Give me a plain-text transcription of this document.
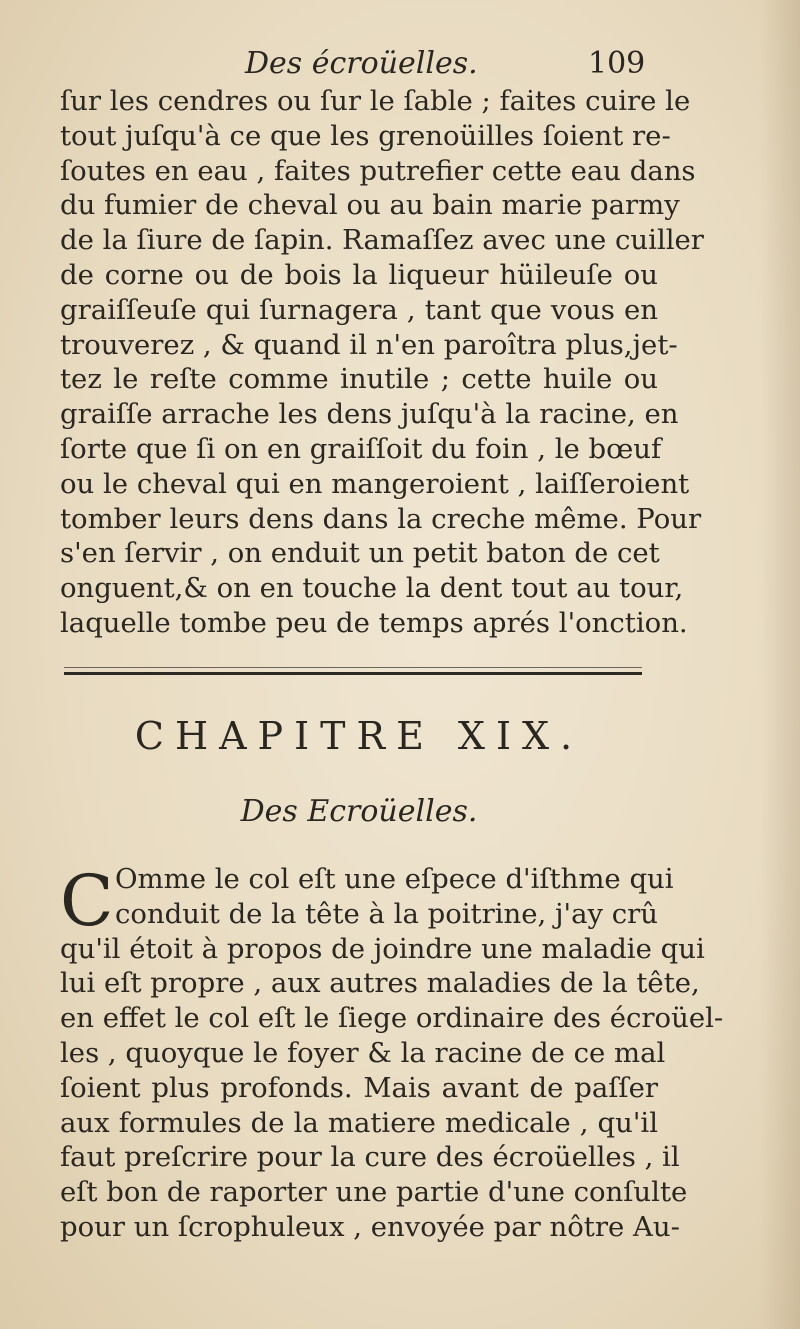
Des écroüelles.	109
ſur les cendres ou ſur le ſable ; faites cuire le
tout juſqu'à ce que les grenoüilles ſoient re-
ſoutes en eau , faites putrefier cette eau dans
du fumier de cheval ou au bain marie parmy
de la ſiure de ſapin. Ramaſſez avec une cuiller
de corne ou de bois la liqueur hüileuſe ou
graiſſeuſe qui ſurnagera , tant que vous en
trouverez , & quand il n'en paroîtra plus,jet-
tez le reſte comme inutile ; cette huile ou
graiſſe arrache les dens juſqu'à la racine, en
ſorte que ſi on en graiſſoit du foin , le bœuf
ou le cheval qui en mangeroient , laiſſeroient
tomber leurs dens dans la creche même. Pour
s'en ſervir , on enduit un petit baton de cet
onguent,& on en touche la dent tout au tour,
laquelle tombe peu de temps aprés l'onction.
CHAPITRE XIX.
Des Ecroüelles.
C Omme le col eſt une eſpece d'iſthme qui
conduit de la tête à la poitrine, j'ay crû
qu'il étoit à propos de joindre une maladie qui
lui eſt propre , aux autres maladies de la tête,
en effet le col eſt le ſiege ordinaire des écroüel-
les , quoyque le foyer & la racine de ce mal
ſoient plus profonds. Mais avant de paſſer
aux formules de la matiere medicale , qu'il
faut preſcrire pour la cure des écroüelles , il
eſt bon de raporter une partie d'une conſulte
pour un ſcrophuleux , envoyée par nôtre Au-
